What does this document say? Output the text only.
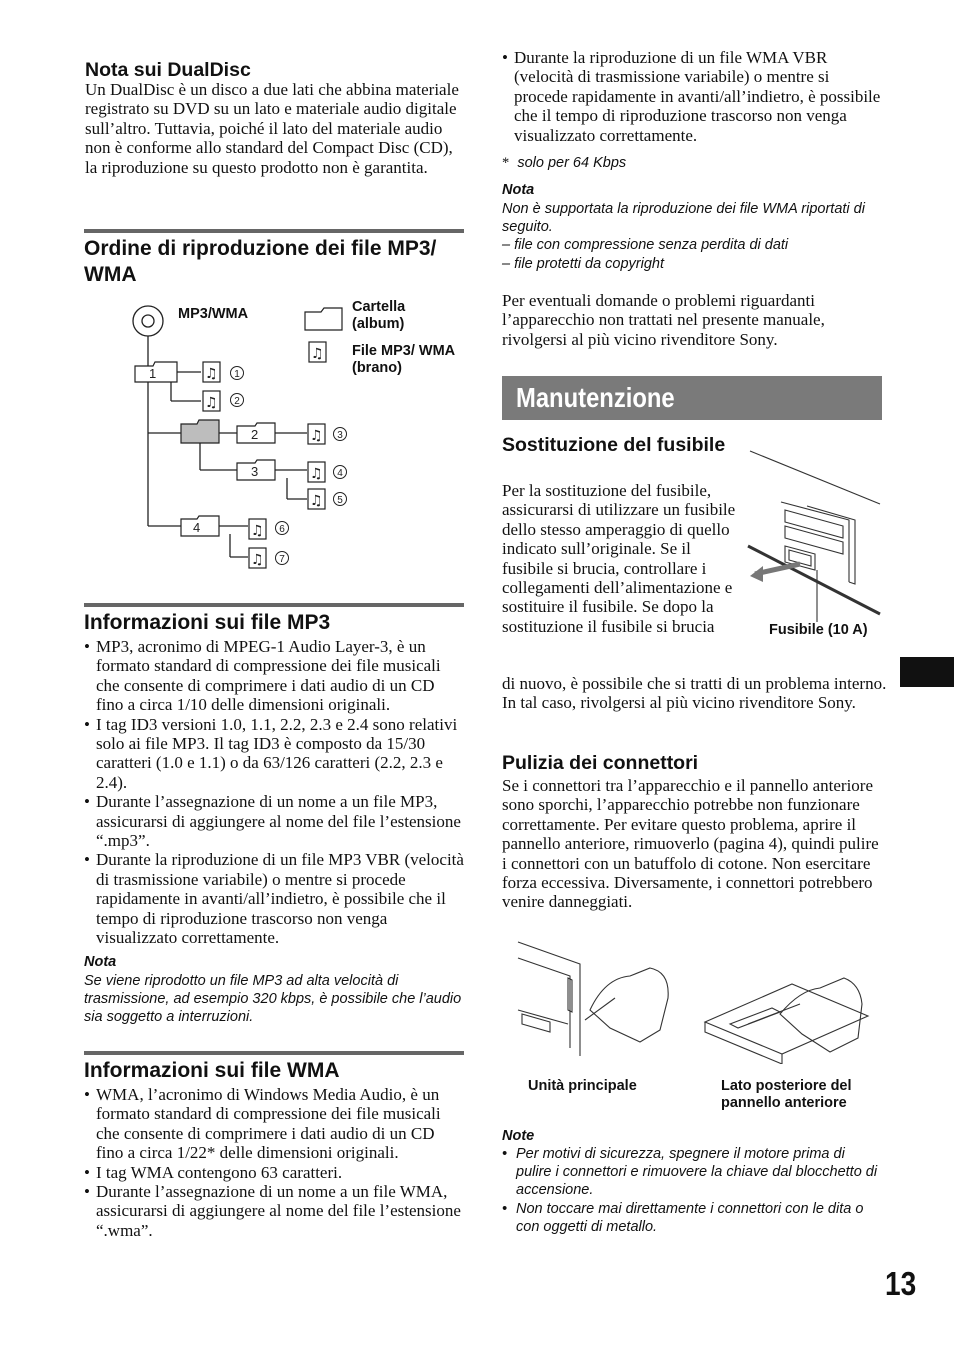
Nota sui DualDisc
Un DualDisc è un disco a due lati che abbina materiale registrato su DVD su un lato e materiale audio digitale sull’altro. Tuttavia, poiché il lato del materiale audio non è conforme allo standard del Compact Disc (CD), la riproduzione su questo prodotto non è garantita.
Ordine di riproduzione dei file MP3/ WMA
1
2
3
4
♫
♫
♫
♫
♫
♫
♫
1
2
3
4
5
6
7
♫
MP3/WMA	Cartella (album)
File MP3/ WMA (brano)
Informazioni sui file MP3
• MP3, acronimo di MPEG-1 Audio Layer-3, è un formato standard di compressione dei file musicali che consente di comprimere i dati audio di un CD fino a circa 1/10 delle dimensioni originali.
• I tag ID3 versioni 1.0, 1.1, 2.2, 2.3 e 2.4 sono relativi solo ai file MP3. Il tag ID3 è composto da 15/30 caratteri (1.0 e 1.1) o da 63/126 caratteri (2.2, 2.3 e 2.4).
• Durante l’assegnazione di un nome a un file MP3, assicurarsi di aggiungere al nome del file l’estensione “.mp3”.
• Durante la riproduzione di un file MP3 VBR (velocità di trasmissione variabile) o mentre si procede rapidamente in avanti/all’indietro, è possibile che il tempo di riproduzione trascorso non venga visualizzato correttamente.
Nota
Se viene riprodotto un file MP3 ad alta velocità di trasmissione, ad esempio 320 kbps, è possibile che l’audio sia soggetto a interruzioni.
Informazioni sui file WMA
• WMA, l’acronimo di Windows Media Audio, è un formato standard di compressione dei file musicali che consente di comprimere i dati audio di un CD fino a circa 1/22* delle dimensioni originali.
• I tag WMA contengono 63 caratteri.
• Durante l’assegnazione di un nome a un file WMA, assicurarsi di aggiungere al nome del file l’estensione “.wma”.
• Durante la riproduzione di un file WMA VBR (velocità di trasmissione variabile) o mentre si procede rapidamente in avanti/all’indietro, è possibile che il tempo di riproduzione trascorso non venga visualizzato correttamente.
* solo per 64 Kbps
Nota
Non è supportata la riproduzione dei file WMA riportati di seguito.
– file con compressione senza perdita di dati
– file protetti da copyright
Per eventuali domande o problemi riguardanti l’apparecchio non trattati nel presente manuale, rivolgersi al più vicino rivenditore Sony.
Manutenzione
Sostituzione del fusibile
Per la sostituzione del fusibile, assicurarsi di utilizzare un fusibile dello stesso amperaggio di quello indicato sull’originale. Se il fusibile si brucia, controllare i collegamenti dell’alimentazione e sostituire il fusibile. Se dopo la sostituzione il fusibile si brucia
di nuovo, è possibile che si tratti di un problema interno. In tal caso, rivolgersi al più vicino rivenditore Sony.
Fusibile (10 A)
Pulizia dei connettori
Se i connettori tra l’apparecchio e il pannello anteriore sono sporchi, l’apparecchio potrebbe non funzionare correttamente. Per evitare questo problema, aprire il pannello anteriore, rimuoverlo (pagina 4), quindi pulire i connettori con un batuffolo di cotone. Non esercitare forza eccessiva. Diversamente, i connettori potrebbero venire danneggiati.
Unità principale	Lato posteriore del pannello anteriore
Note
• Per motivi di sicurezza, spegnere il motore prima di pulire i connettori e rimuovere la chiave dal blocchetto di accensione.
• Non toccare mai direttamente i connettori con le dita o con oggetti di metallo.
13
